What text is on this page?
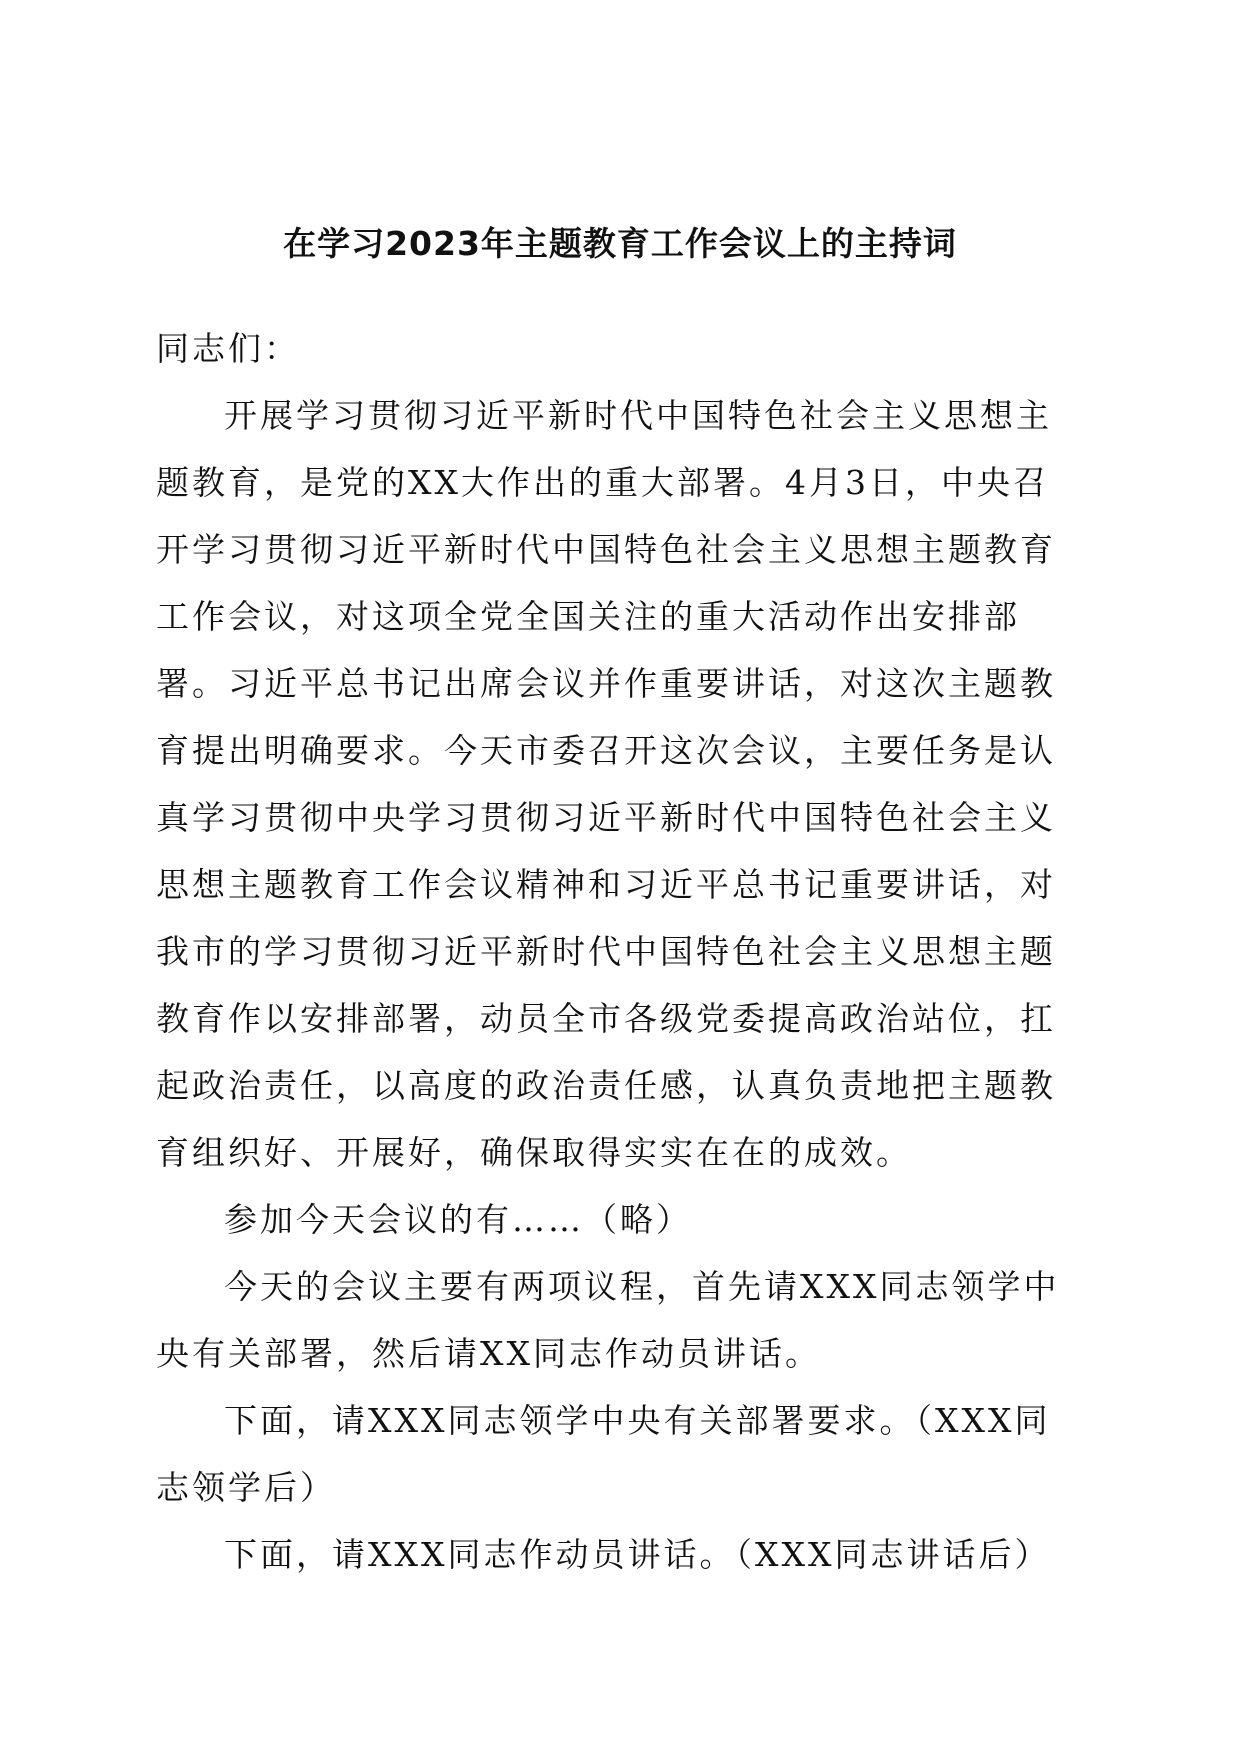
在学习2023年主题教育工作会议上的主持词

同志们：

开展学习贯彻习近平新时代中国特色社会主义思想主题教育，是党的XX大作出的重大部署。4月3日，中央召开学习贯彻习近平新时代中国特色社会主义思想主题教育工作会议，对这项全党全国关注的重大活动作出安排部署。习近平总书记出席会议并作重要讲话，对这次主题教育提出明确要求。今天市委召开这次会议，主要任务是认真学习贯彻中央学习贯彻习近平新时代中国特色社会主义思想主题教育工作会议精神和习近平总书记重要讲话，对我市的学习贯彻习近平新时代中国特色社会主义思想主题教育作以安排部署，动员全市各级党委提高政治站位，扛起政治责任，以高度的政治责任感，认真负责地把主题教育组织好、开展好，确保取得实实在在的成效。

参加今天会议的有……（略）

今天的会议主要有两项议程，首先请XXX同志领学中央有关部署，然后请XX同志作动员讲话。

下面，请XXX同志领学中央有关部署要求。（XXX同志领学后）

下面，请XXX同志作动员讲话。（XXX同志讲话后）
